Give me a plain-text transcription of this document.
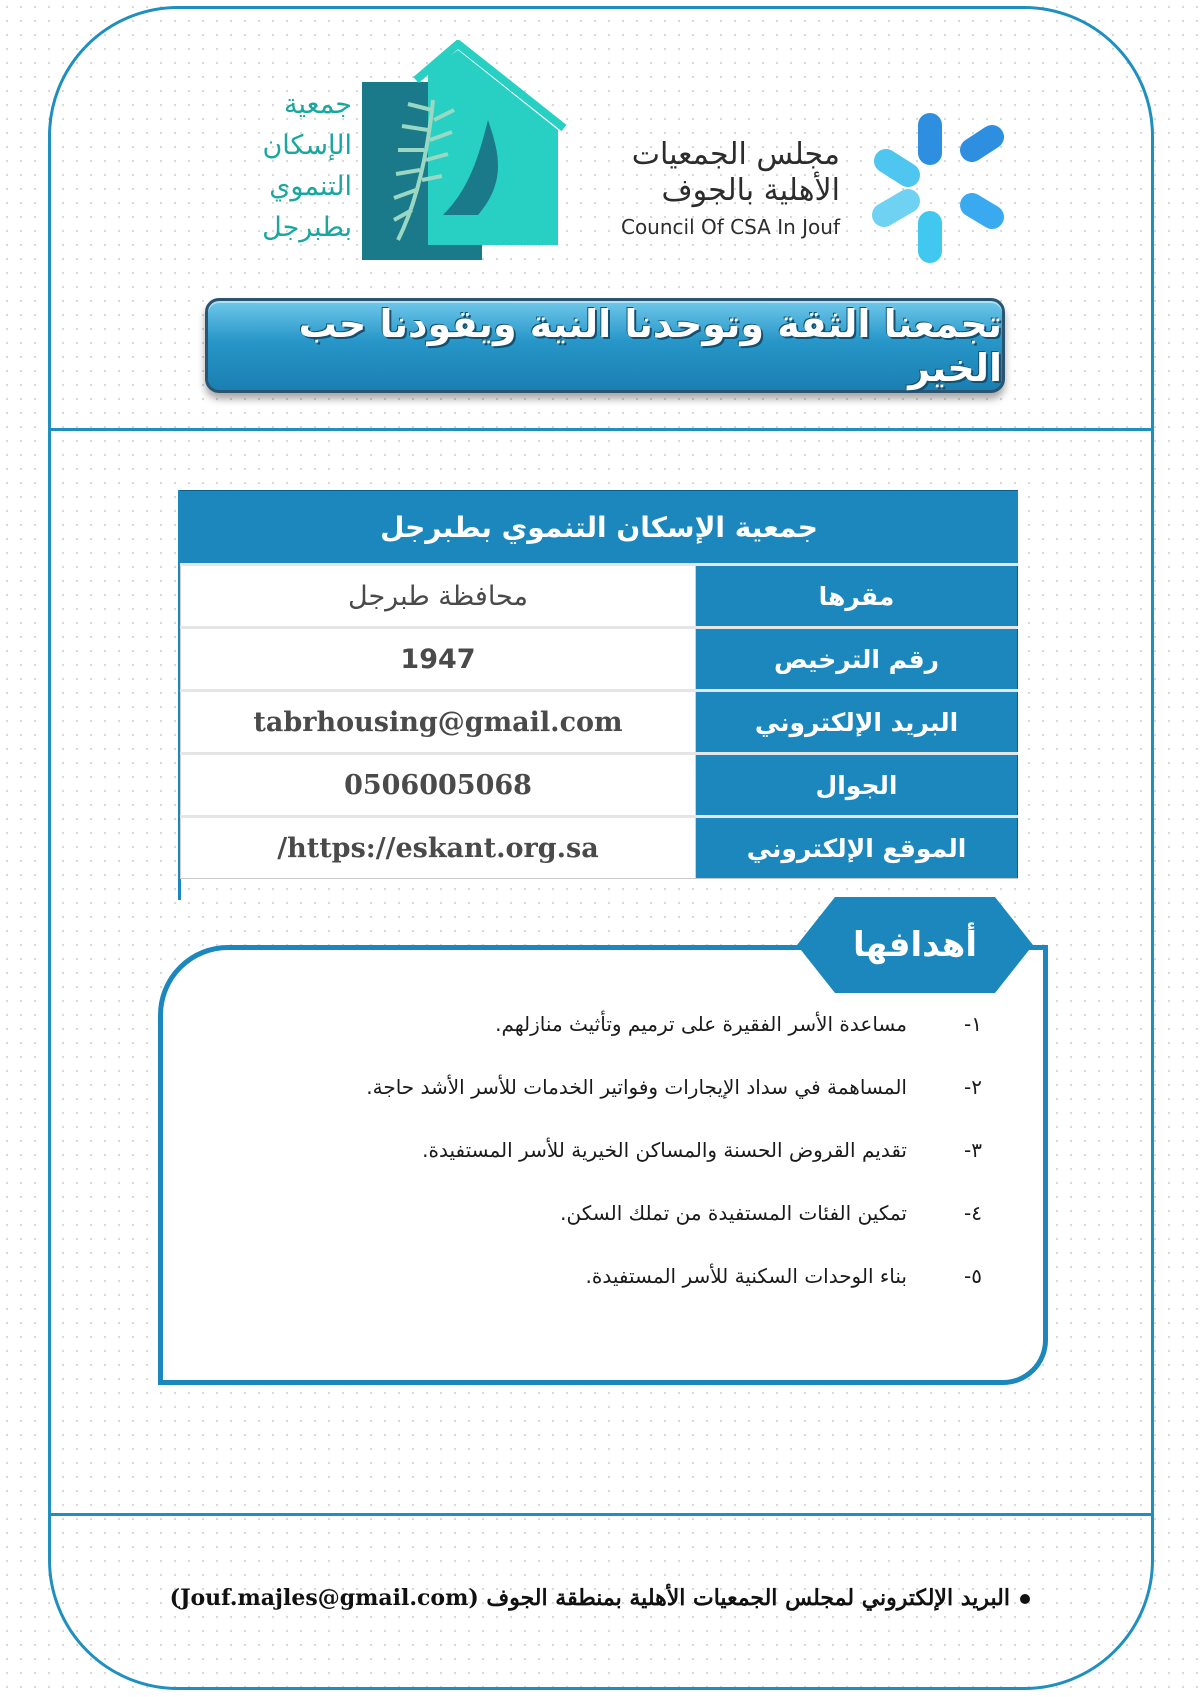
جمعية
الإسكان
التنموي
بطبرجل
مجلس الجمعيات
الأهلية بالجوف
Council Of CSA In Jouf
تجمعنا الثقة وتوحدنا النية ويقودنا حب الخير
جمعية الإسكان التنموي بطبرجل
محافظة طبرجل	مقرها
1947	رقم الترخيص
tabrhousing@gmail.com	البريد الإلكتروني
0506005068	الجوال
/https://eskant.org.sa	الموقع الإلكتروني
أهدافها
١-
مساعدة الأسر الفقيرة على ترميم وتأثيث منازلهم.
٢-
المساهمة في سداد الإيجارات وفواتير الخدمات للأسر الأشد حاجة.
٣-
تقديم القروض الحسنة والمساكن الخيرية للأسر المستفيدة.
٤-
تمكين الفئات المستفيدة من تملك السكن.
٥-
بناء الوحدات السكنية للأسر المستفيدة.
البريد الإلكتروني لمجلس الجمعيات الأهلية بمنطقة الجوف (Jouf.majles@gmail.com)
